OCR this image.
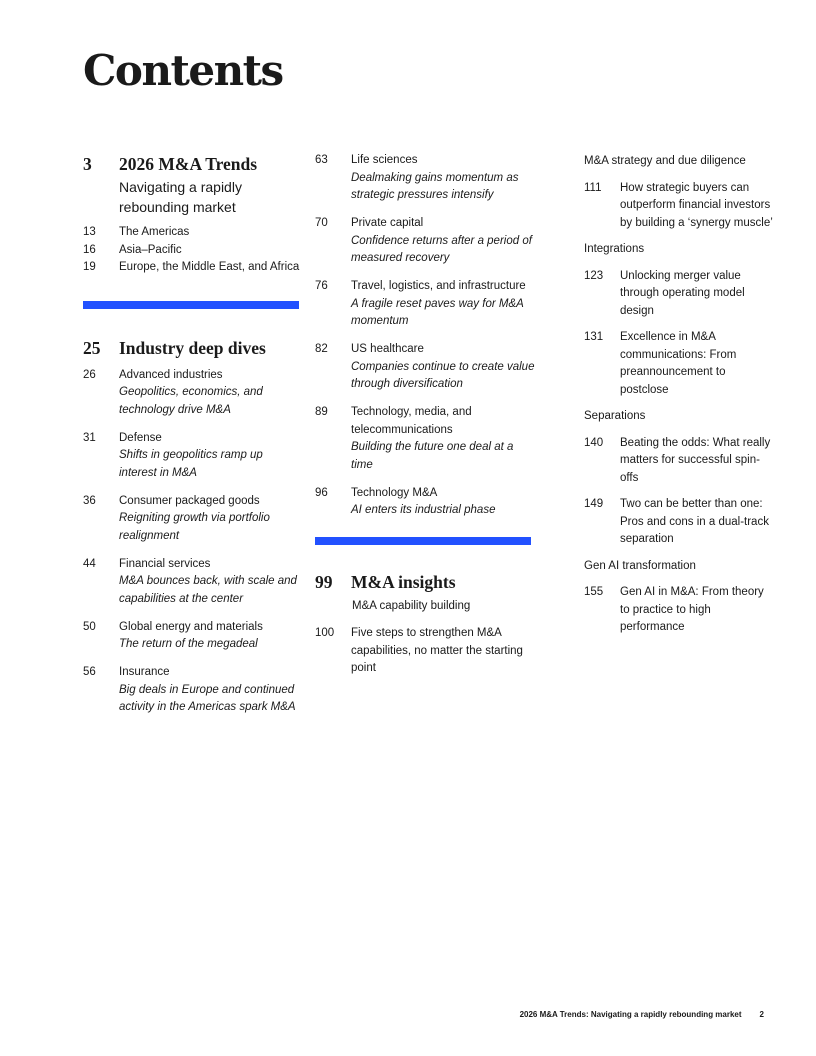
Contents
3	2026 M&A Trends
Navigating a rapidly rebounding market
13	The Americas
16	Asia–Pacific
19	Europe, the Middle East, and Africa
25	Industry deep dives
26	Advanced industries
Geopolitics, economics, and technology drive M&A
31	Defense
Shifts in geopolitics ramp up interest in M&A
36	Consumer packaged goods
Reigniting growth via portfolio realignment
44	Financial services
M&A bounces back, with scale and capabilities at the center
50	Global energy and materials
The return of the megadeal
56	Insurance
Big deals in Europe and continued activity in the Americas spark M&A
63	Life sciences
Dealmaking gains momentum as strategic pressures intensify
70	Private capital
Confidence returns after a period of measured recovery
76	Travel, logistics, and infrastructure
A fragile reset paves way for M&A momentum
82	US healthcare
Companies continue to create value through diversification
89	Technology, media, and telecommunications
Building the future one deal at a time
96	Technology M&A
AI enters its industrial phase
99	M&A insights
M&A capability building
100	Five steps to strengthen M&A capabilities, no matter the starting point
M&A strategy and due diligence
111	How strategic buyers can outperform financial investors by building a ‘synergy muscle’
Integrations
123	Unlocking merger value through operating model design
131	Excellence in M&A communications: From preannouncement to postclose
Separations
140	Beating the odds: What really matters for successful spin-offs
149	Two can be better than one: Pros and cons in a dual-track separation
Gen AI transformation
155	Gen AI in M&A: From theory to practice to high performance
2026 M&A Trends: Navigating a rapidly rebounding market 2
